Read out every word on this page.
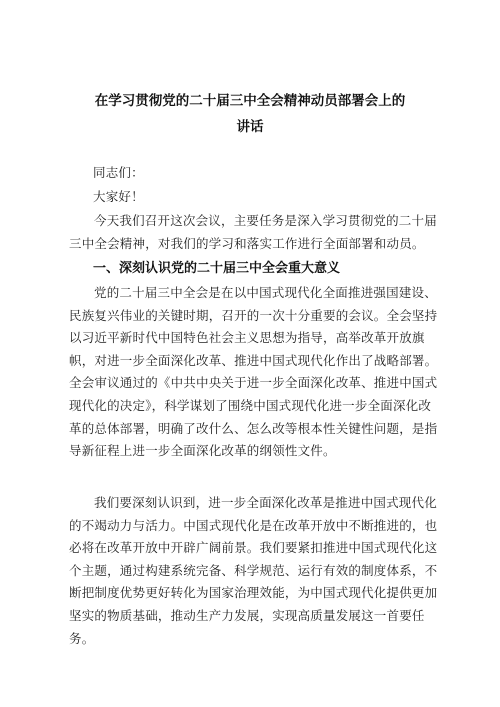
在学习贯彻党的二十届三中全会精神动员部署会上的
讲话
同志们：
大家好！
今天我们召开这次会议，主要任务是深入学习贯彻党的二十届三中全会精神，对我们的学习和落实工作进行全面部署和动员。
一、深刻认识党的二十届三中全会重大意义
党的二十届三中全会是在以中国式现代化全面推进强国建设、民族复兴伟业的关键时期，召开的一次十分重要的会议。全会坚持以习近平新时代中国特色社会主义思想为指导，高举改革开放旗帜，对进一步全面深化改革、推进中国式现代化作出了战略部署。全会审议通过的《中共中央关于进一步全面深化改革、推进中国式现代化的决定》，科学谋划了围绕中国式现代化进一步全面深化改革的总体部署，明确了改什么、怎么改等根本性关键性问题，是指导新征程上进一步全面深化改革的纲领性文件。
我们要深刻认识到，进一步全面深化改革是推进中国式现代化的不竭动力与活力。中国式现代化是在改革开放中不断推进的，也必将在改革开放中开辟广阔前景。我们要紧扣推进中国式现代化这个主题，通过构建系统完备、科学规范、运行有效的制度体系，不断把制度优势更好转化为国家治理效能，为中国式现代化提供更加坚实的物质基础，推动生产力发展，实现高质量发展这一首要任务。
